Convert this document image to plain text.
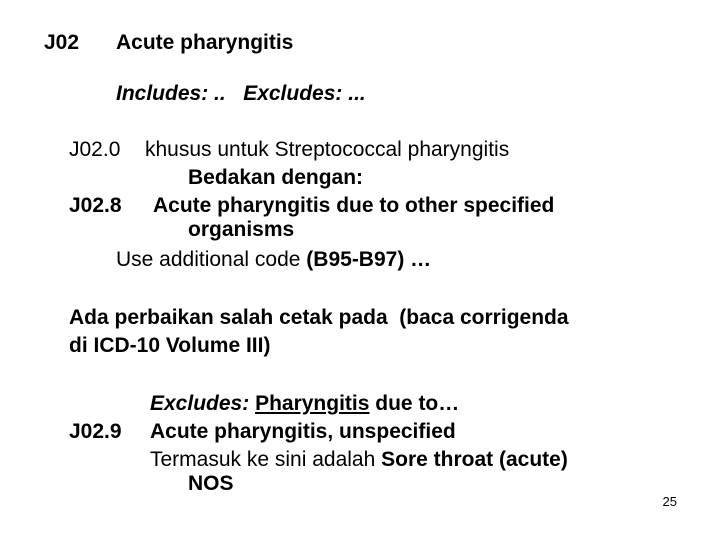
J02 Acute pharyngitis
Includes: ..   Excludes: ...
J02.0 khusus untuk Streptococcal pharyngitis
Bedakan dengan:
J02.8 Acute pharyngitis due to other specified
organisms
Use additional code (B95-B97) …
Ada perbaikan salah cetak pada  (baca corrigenda
di ICD-10 Volume III)
Excludes: Pharyngitis due to…
J02.9 Acute pharyngitis, unspecified
Termasuk ke sini adalah Sore throat (acute)
NOS
25
